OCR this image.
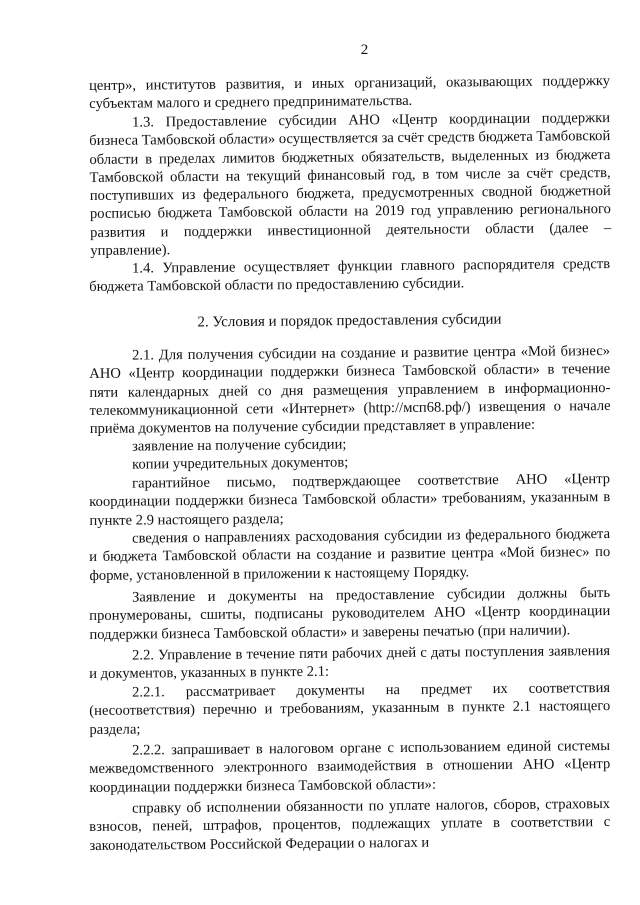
2

центр», институтов развития, и иных организаций, оказывающих поддержку субъектам малого и среднего предпринимательства.

1.3. Предоставление субсидии АНО «Центр координации поддержки бизнеса Тамбовской области» осуществляется за счёт средств бюджета Тамбовской области в пределах лимитов бюджетных обязательств, выделенных из бюджета Тамбовской области на текущий финансовый год, в том числе за счёт средств, поступивших из федерального бюджета, предусмотренных сводной бюджетной росписью бюджета Тамбовской области на 2019 год управлению регионального развития и поддержки инвестиционной деятельности области (далее – управление).

1.4. Управление осуществляет функции главного распорядителя средств бюджета Тамбовской области по предоставлению субсидии.

2. Условия и порядок предоставления субсидии

2.1. Для получения субсидии на создание и развитие центра «Мой бизнес» АНО «Центр координации поддержки бизнеса Тамбовской области» в течение пяти календарных дней со дня размещения управлением в информационно-телекоммуникационной сети «Интернет» (http://мсп68.рф/) извещения о начале приёма документов на получение субсидии представляет в управление:

заявление на получение субсидии;

копии учредительных документов;

гарантийное письмо, подтверждающее соответствие АНО «Центр координации поддержки бизнеса Тамбовской области» требованиям, указанным в пункте 2.9 настоящего раздела;

сведения о направлениях расходования субсидии из федерального бюджета и бюджета Тамбовской области на создание и развитие центра «Мой бизнес» по форме, установленной в приложении к настоящему Порядку.

Заявление и документы на предоставление субсидии должны быть пронумерованы, сшиты, подписаны руководителем АНО «Центр координации поддержки бизнеса Тамбовской области» и заверены печатью (при наличии).

2.2. Управление в течение пяти рабочих дней с даты поступления заявления и документов, указанных в пункте 2.1:

2.2.1. рассматривает документы на предмет их соответствия (несоответствия) перечню и требованиям, указанным в пункте 2.1 настоящего раздела;

2.2.2. запрашивает в налоговом органе с использованием единой системы межведомственного электронного взаимодействия в отношении АНО «Центр координации поддержки бизнеса Тамбовской области»:

справку об исполнении обязанности по уплате налогов, сборов, страховых взносов, пеней, штрафов, процентов, подлежащих уплате в соответствии с законодательством Российской Федерации о налогах и
